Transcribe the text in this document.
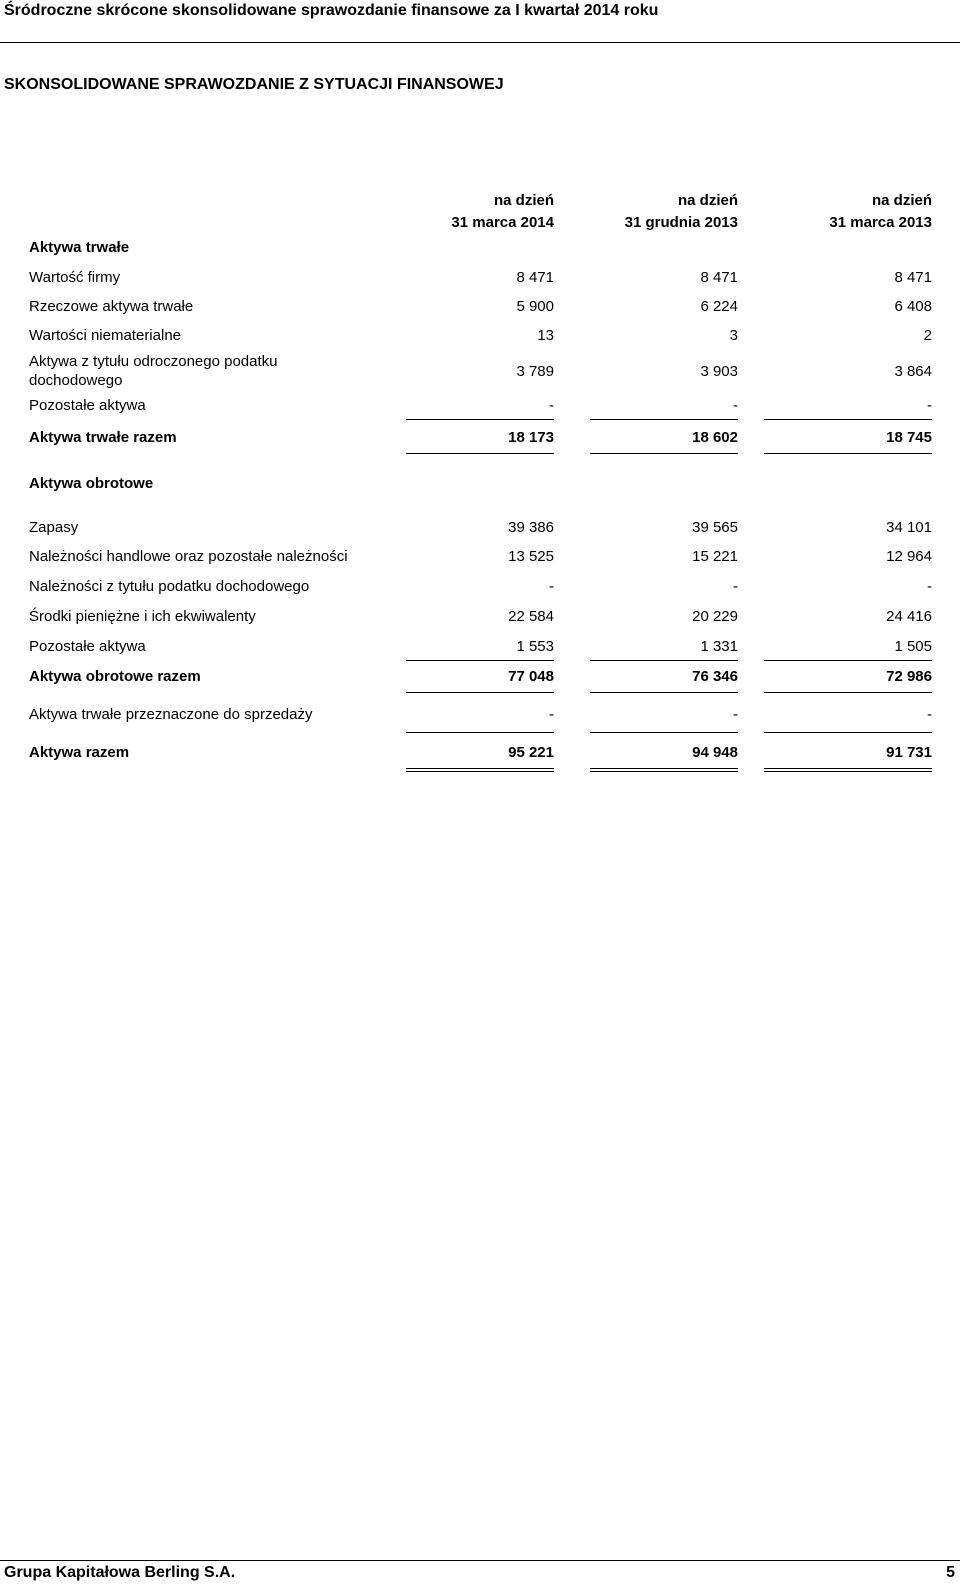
Śródroczne skrócone skonsolidowane sprawozdanie finansowe za I kwartał 2014 roku
SKONSOLIDOWANE SPRAWOZDANIE Z SYTUACJI FINANSOWEJ
na dzień
31 marca 2014
na dzień
31 grudnia 2013
na dzień
31 marca 2013
Aktywa trwałe
Wartość firmy	8 471	8 471	8 471
Rzeczowe aktywa trwałe	5 900	6 224	6 408
Wartości niematerialne	13	3	2
Aktywa z tytułu odroczonego podatku
dochodowego
3 789	3 903	3 864
Pozostałe aktywa	-	-	-
Aktywa trwałe razem	18 173	18 602	18 745
Aktywa obrotowe
Zapasy	39 386	39 565	34 101
Należności handlowe oraz pozostałe należności	13 525	15 221	12 964
Należności z tytułu podatku dochodowego	-	-	-
Środki pieniężne i ich ekwiwalenty	22 584	20 229	24 416
Pozostałe aktywa	1 553	1 331	1 505
Aktywa obrotowe razem	77 048	76 346	72 986
Aktywa trwałe przeznaczone do sprzedaży	-	-	-
Aktywa razem	95 221	94 948	91 731
Grupa Kapitałowa Berling S.A.	5
